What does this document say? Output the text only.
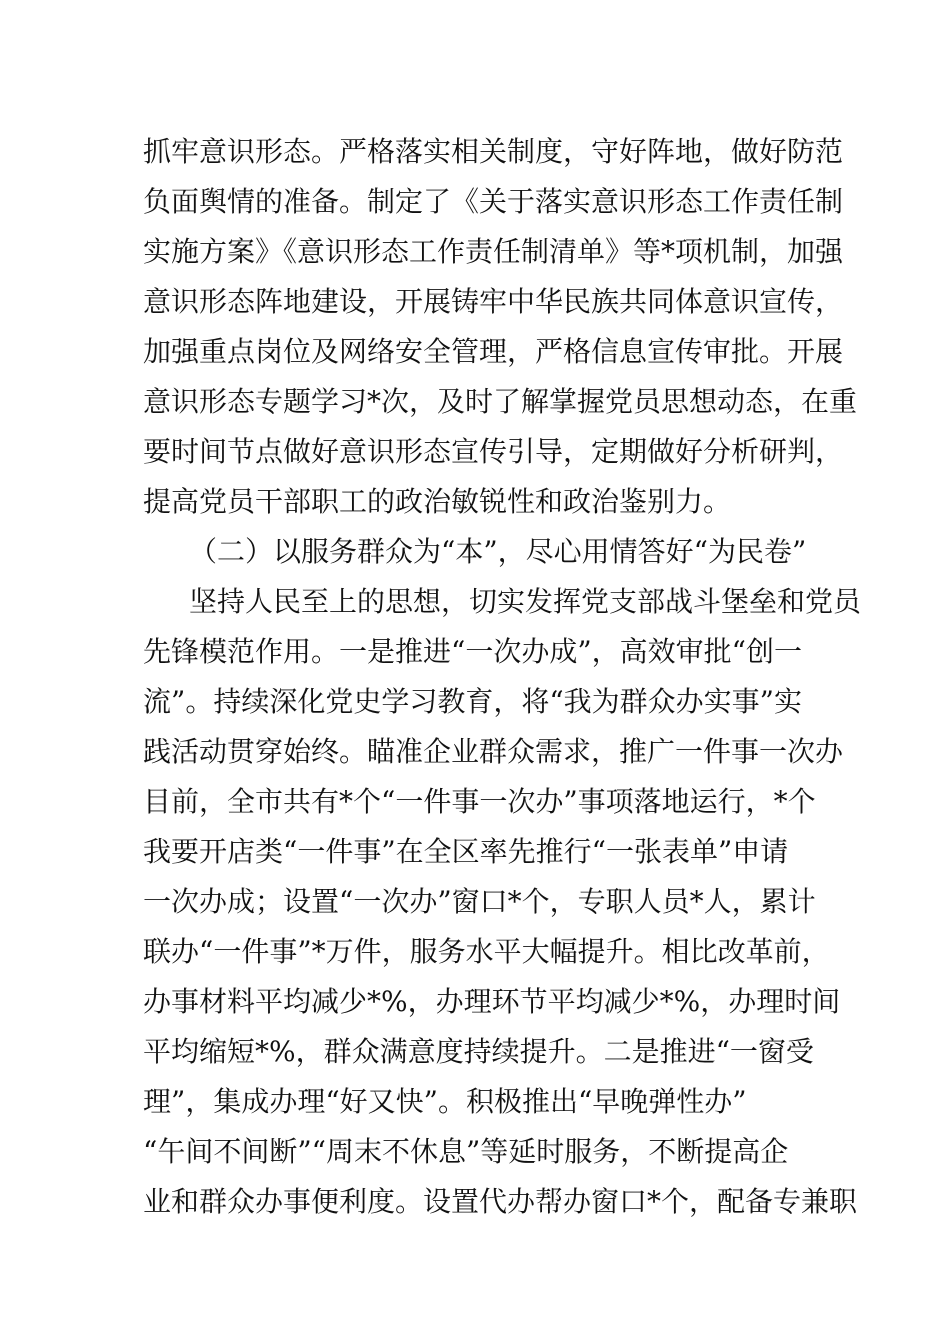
抓牢意识形态。严格落实相关制度，守好阵地，做好防范
负面舆情的准备。制定了《关于落实意识形态工作责任制
实施方案》《意识形态工作责任制清单》等*项机制，加强
意识形态阵地建设，开展铸牢中华民族共同体意识宣传，
加强重点岗位及网络安全管理，严格信息宣传审批。开展
意识形态专题学习*次，及时了解掌握党员思想动态，在重
要时间节点做好意识形态宣传引导，定期做好分析研判，
提高党员干部职工的政治敏锐性和政治鉴别力。
（二）以服务群众为“本”，尽心用情答好“为民卷”
坚持人民至上的思想，切实发挥党支部战斗堡垒和党员
先锋模范作用。一是推进“一次办成”，高效审批“创一
流”。持续深化党史学习教育，将“我为群众办实事”实
践活动贯穿始终。瞄准企业群众需求，推广一件事一次办
目前，全市共有*个“一件事一次办”事项落地运行，*个
我要开店类“一件事”在全区率先推行“一张表单”申请
一次办成；设置“一次办”窗口*个，专职人员*人，累计
联办“一件事”*万件，服务水平大幅提升。相比改革前，
办事材料平均减少*%，办理环节平均减少*%，办理时间
平均缩短*%，群众满意度持续提升。二是推进“一窗受
理”，集成办理“好又快”。积极推出“早晚弹性办”
“午间不间断”“周末不休息”等延时服务，不断提高企
业和群众办事便利度。设置代办帮办窗口*个，配备专兼职
